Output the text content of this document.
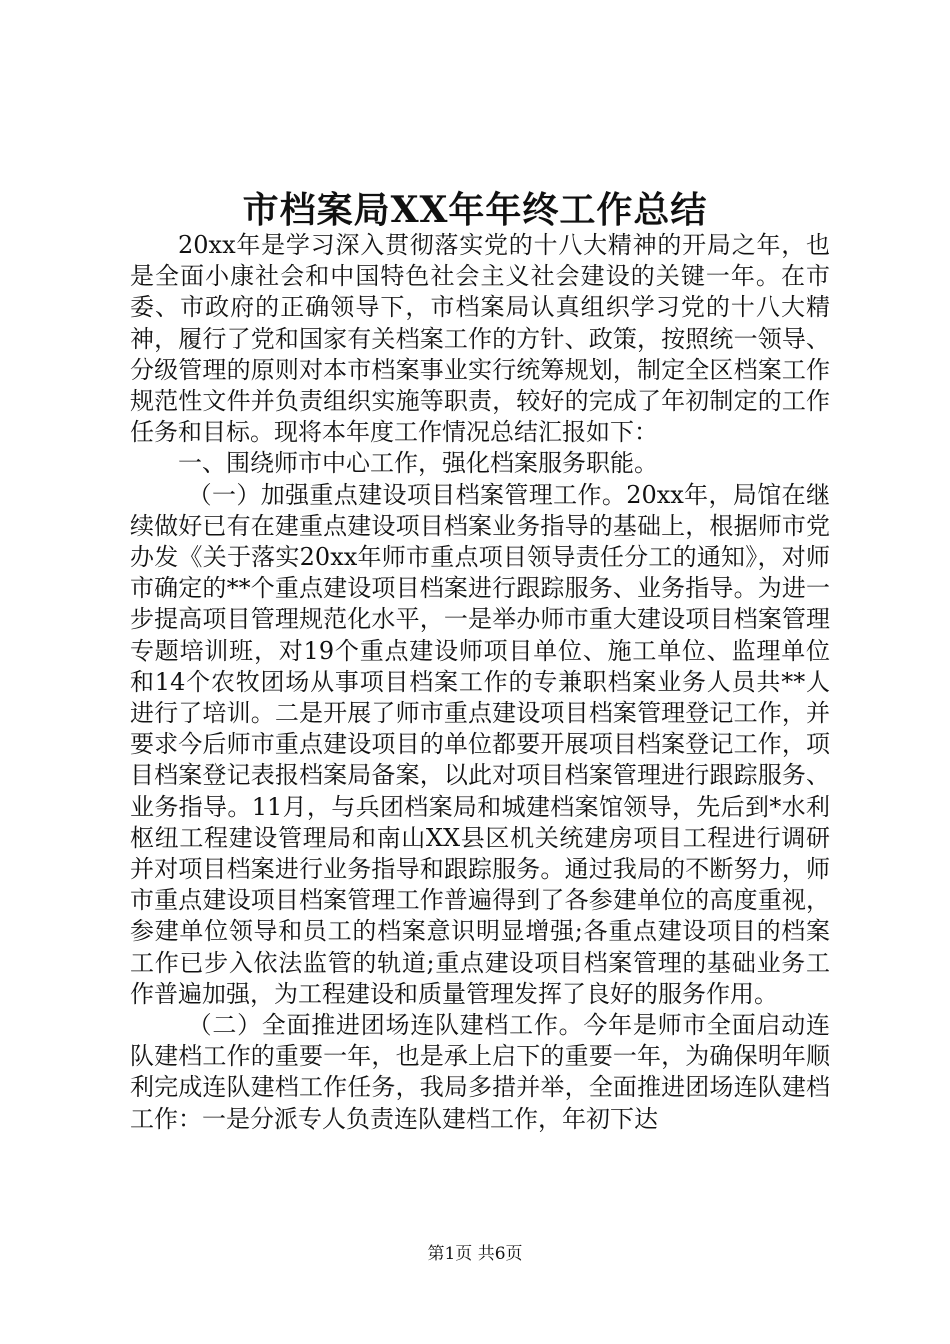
市档案局XX年年终工作总结

20xx年是学习深入贯彻落实党的十八大精神的开局之年，也是全面小康社会和中国特色社会主义社会建设的关键一年。在市委、市政府的正确领导下，市档案局认真组织学习党的十八大精神，履行了党和国家有关档案工作的方针、政策，按照统一领导、分级管理的原则对本市档案事业实行统筹规划，制定全区档案工作规范性文件并负责组织实施等职责，较好的完成了年初制定的工作任务和目标。现将本年度工作情况总结汇报如下：

一、围绕师市中心工作，强化档案服务职能。

（一）加强重点建设项目档案管理工作。20xx年，局馆在继续做好已有在建重点建设项目档案业务指导的基础上，根据师市党办发《关于落实20xx年师市重点项目领导责任分工的通知》，对师市确定的**个重点建设项目档案进行跟踪服务、业务指导。为进一步提高项目管理规范化水平，一是举办师市重大建设项目档案管理专题培训班，对19个重点建设师项目单位、施工单位、监理单位和14个农牧团场从事项目档案工作的专兼职档案业务人员共**人进行了培训。二是开展了师市重点建设项目档案管理登记工作，并要求今后师市重点建设项目的单位都要开展项目档案登记工作，项目档案登记表报档案局备案，以此对项目档案管理进行跟踪服务、业务指导。11月，与兵团档案局和城建档案馆领导，先后到*水利枢纽工程建设管理局和南山XX县区机关统建房项目工程进行调研并对项目档案进行业务指导和跟踪服务。通过我局的不断努力，师市重点建设项目档案管理工作普遍得到了各参建单位的高度重视，参建单位领导和员工的档案意识明显增强;各重点建设项目的档案工作已步入依法监管的轨道;重点建设项目档案管理的基础业务工作普遍加强，为工程建设和质量管理发挥了良好的服务作用。

（二）全面推进团场连队建档工作。今年是师市全面启动连队建档工作的重要一年，也是承上启下的重要一年，为确保明年顺利完成连队建档工作任务，我局多措并举，全面推进团场连队建档工作：一是分派专人负责连队建档工作，年初下达

第1页 共6页
